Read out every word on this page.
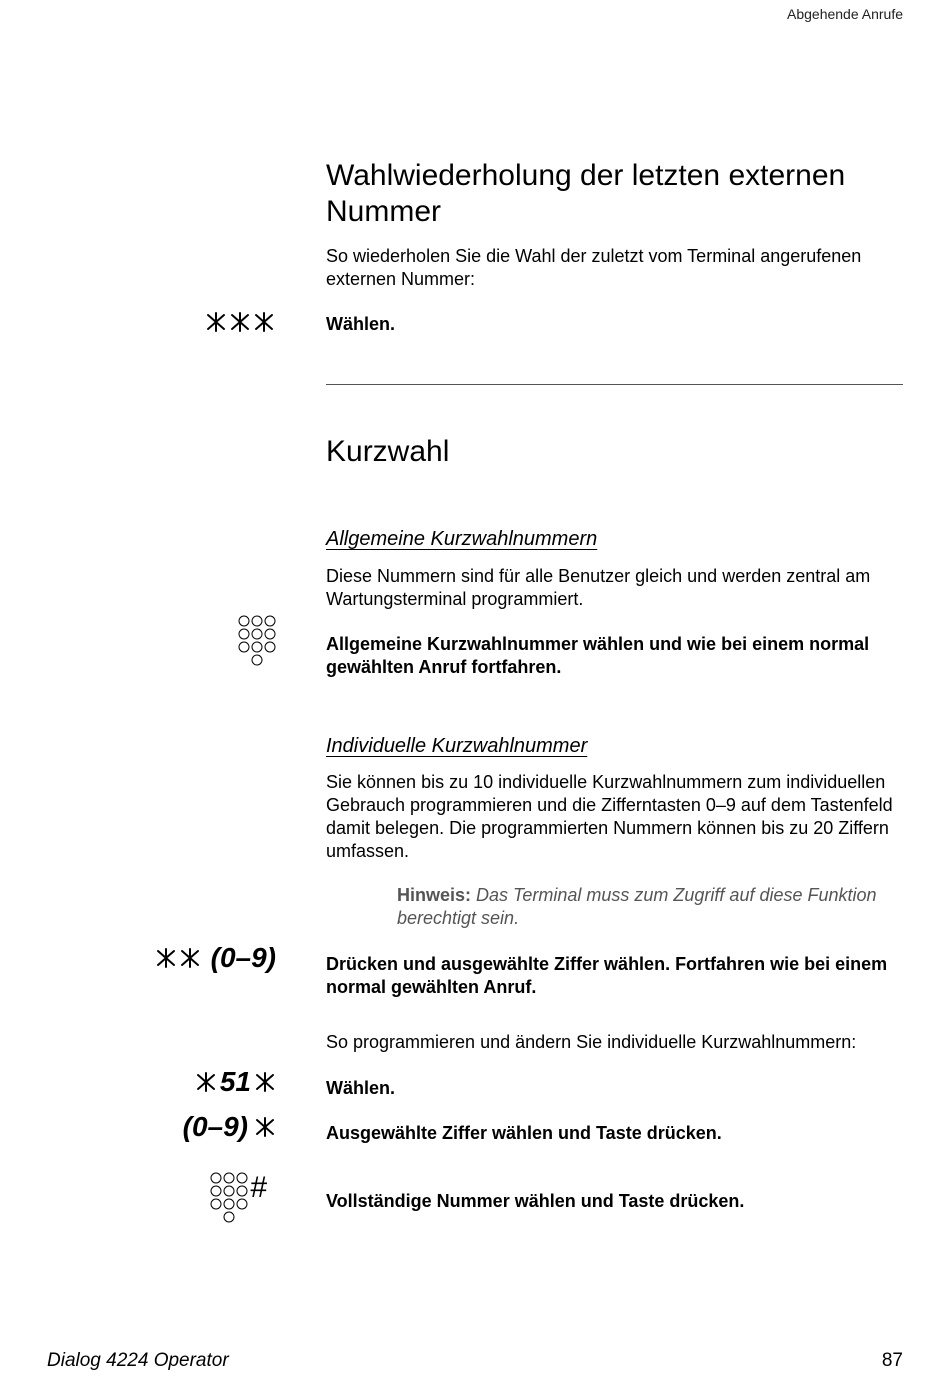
Abgehende Anrufe
Wahlwiederholung der letzten externen Nummer
So wiederholen Sie die Wahl der zuletzt vom Terminal angerufenen externen Nummer:
Wählen.
Kurzwahl
Allgemeine Kurzwahlnummern
Diese Nummern sind für alle Benutzer gleich und werden zentral am Wartungsterminal programmiert.
Allgemeine Kurzwahlnummer wählen und wie bei einem normal gewählten Anruf fortfahren.
Individuelle Kurzwahlnummer
Sie können bis zu 10 individuelle Kurzwahlnummern zum individuellen Gebrauch programmieren und die Zifferntasten 0–9 auf dem Tastenfeld damit belegen. Die programmierten Nummern können bis zu 20 Ziffern umfassen.
Hinweis: Das Terminal muss zum Zugriff auf diese Funktion berechtigt sein.
(0–9)	Drücken und ausgewählte Ziffer wählen. Fortfahren wie bei einem normal gewählten Anruf.
So programmieren und ändern Sie individuelle Kurzwahlnummern:
51	Wählen.
(0–9)	Ausgewählte Ziffer wählen und Taste drücken.
#	Vollständige Nummer wählen und Taste drücken.
Dialog 4224 Operator	87
